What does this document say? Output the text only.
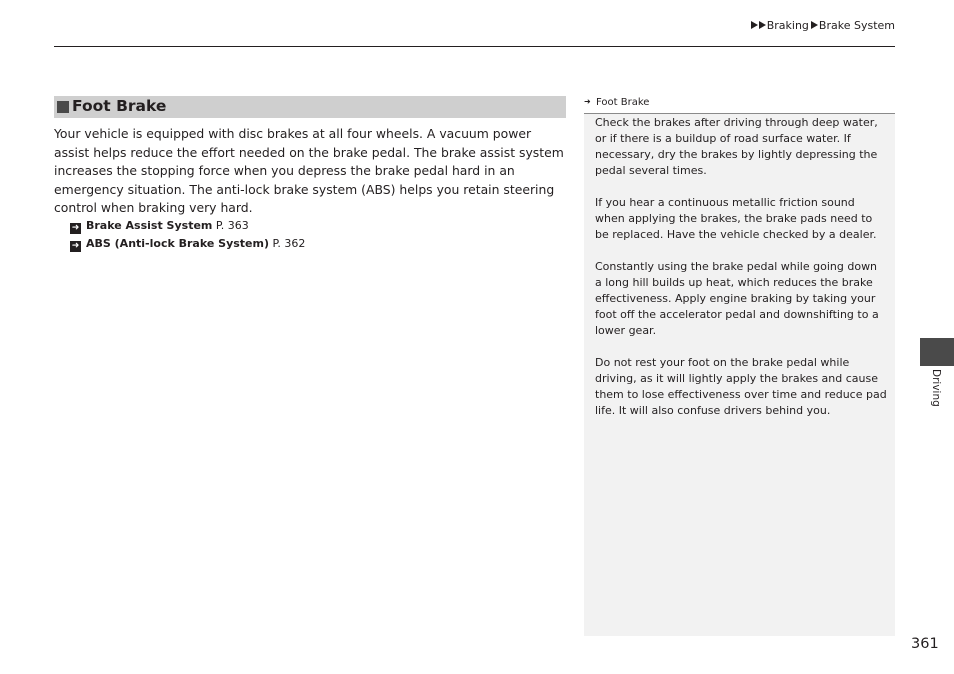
Braking Brake System
Foot Brake
Your vehicle is equipped with disc brakes at all four wheels. A vacuum power assist helps reduce the effort needed on the brake pedal. The brake assist system increases the stopping force when you depress the brake pedal hard in an emergency situation. The anti-lock brake system (ABS) helps you retain steering control when braking very hard.
➜ Brake Assist System P. 363
➜ ABS (Anti-lock Brake System) P. 362
➜ Foot Brake

Check the brakes after driving through deep water, or if there is a buildup of road surface water. If necessary, dry the brakes by lightly depressing the pedal several times.

If you hear a continuous metallic friction sound when applying the brakes, the brake pads need to be replaced. Have the vehicle checked by a dealer.

Constantly using the brake pedal while going down a long hill builds up heat, which reduces the brake effectiveness. Apply engine braking by taking your foot off the accelerator pedal and downshifting to a lower gear.

Do not rest your foot on the brake pedal while driving, as it will lightly apply the brakes and cause them to lose effectiveness over time and reduce pad life. It will also confuse drivers behind you.

Driving
361
